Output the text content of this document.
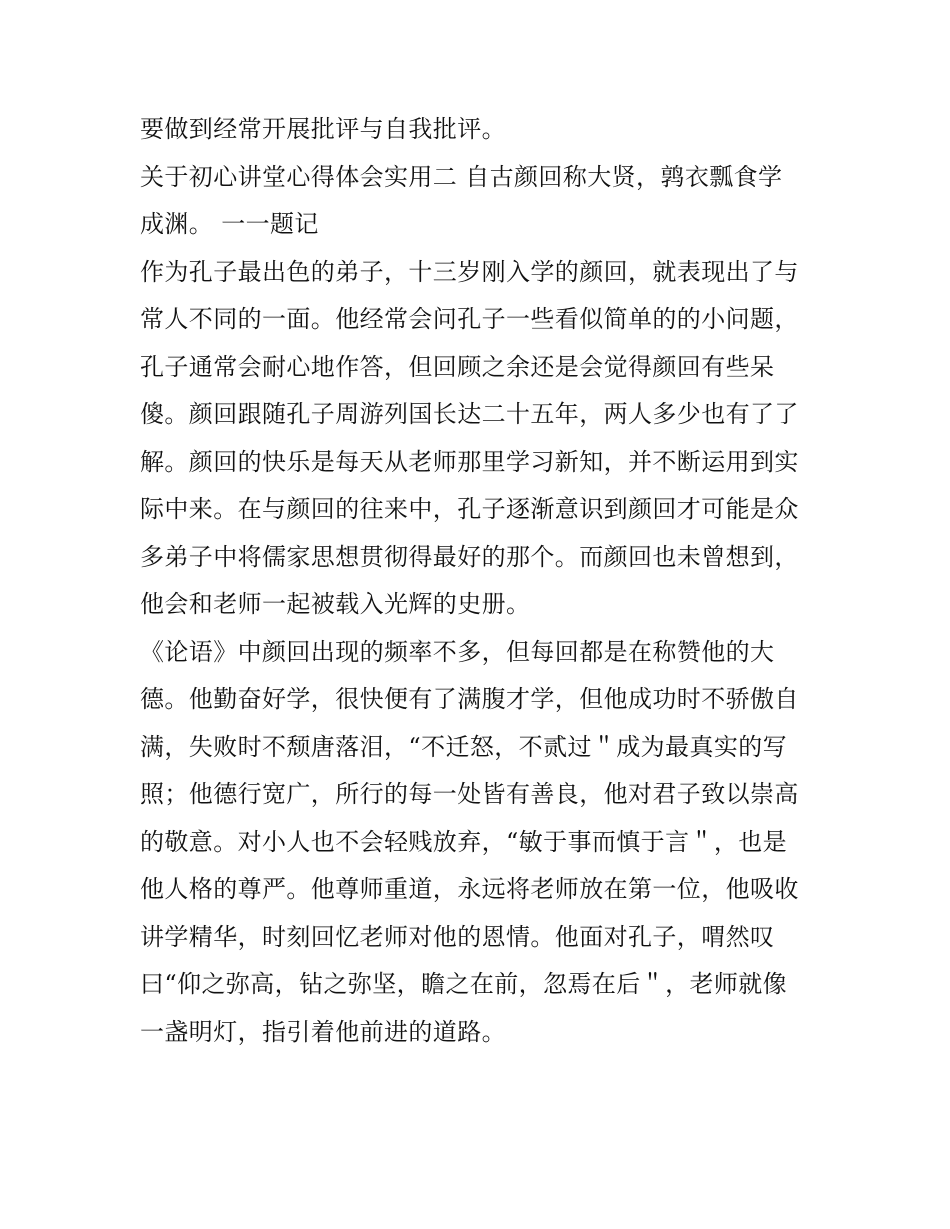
要做到经常开展批评与自我批评。

关于初心讲堂心得体会实用二 自古颜回称大贤，鹑衣瓢食学
成渊。 一一题记

作为孔子最出色的弟子，十三岁刚入学的颜回，就表现出了与
常人不同的一面。他经常会问孔子一些看似简单的的小问题，
孔子通常会耐心地作答，但回顾之余还是会觉得颜回有些呆
傻。颜回跟随孔子周游列国长达二十五年，两人多少也有了了
解。颜回的快乐是每天从老师那里学习新知，并不断运用到实
际中来。在与颜回的往来中，孔子逐渐意识到颜回才可能是众
多弟子中将儒家思想贯彻得最好的那个。而颜回也未曾想到，
他会和老师一起被载入光辉的史册。

《论语》中颜回出现的频率不多，但每回都是在称赞他的大
德。他勤奋好学，很快便有了满腹才学，但他成功时不骄傲自
满，失败时不颓唐落泪，“不迁怒，不贰过＂成为最真实的写
照；他德行宽广，所行的每一处皆有善良，他对君子致以崇高
的敬意。对小人也不会轻贱放弃，“敏于事而慎于言＂，也是
他人格的尊严。他尊师重道，永远将老师放在第一位，他吸收
讲学精华，时刻回忆老师对他的恩情。他面对孔子，喟然叹
曰“仰之弥高，钻之弥坚，瞻之在前，忽焉在后＂，老师就像
一盏明灯，指引着他前进的道路。
